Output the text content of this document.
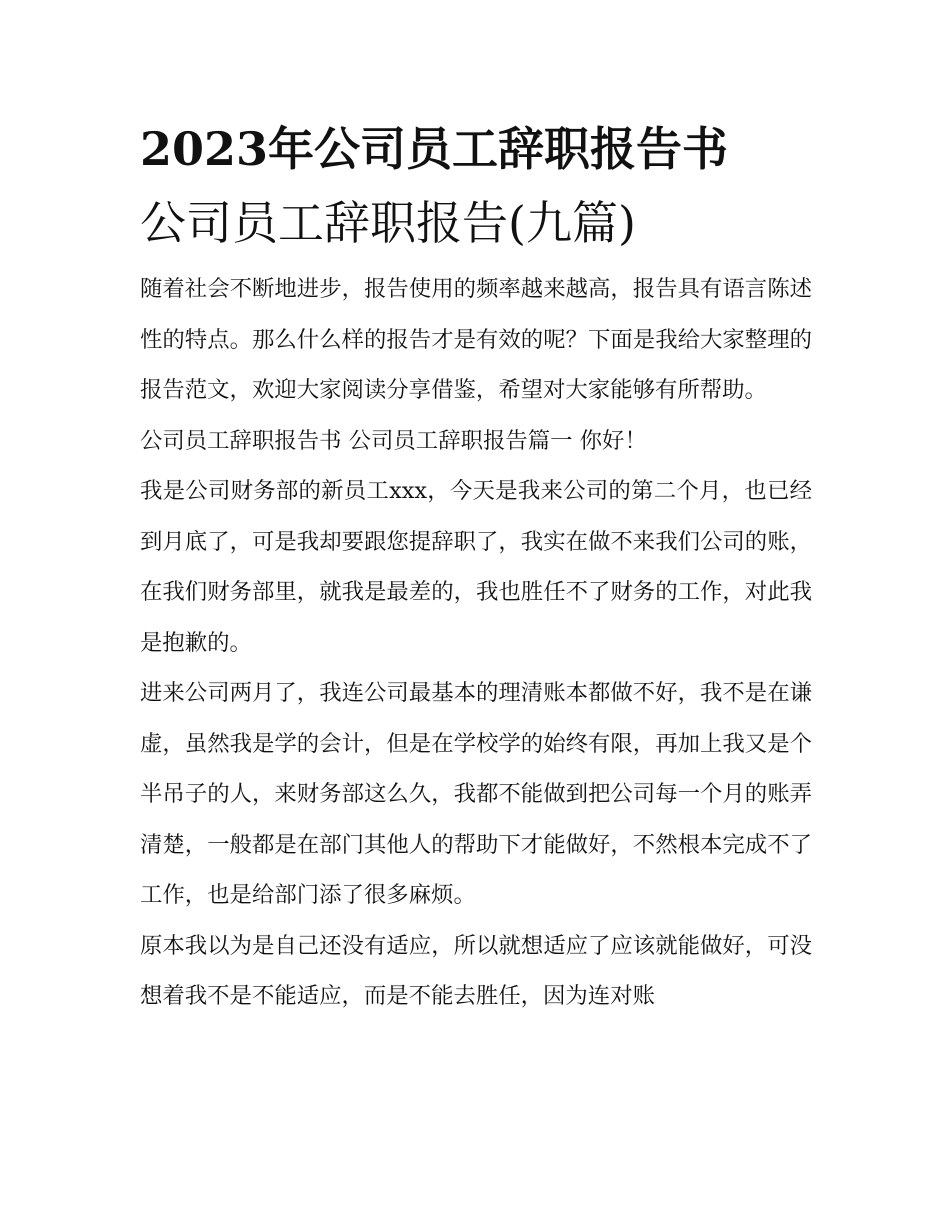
2023年公司员工辞职报告书
公司员工辞职报告(九篇)

随着社会不断地进步，报告使用的频率越来越高，报告具有语言陈述性的特点。那么什么样的报告才是有效的呢？下面是我给大家整理的报告范文，欢迎大家阅读分享借鉴，希望对大家能够有所帮助。

公司员工辞职报告书 公司员工辞职报告篇一 你好！

我是公司财务部的新员工xxx，今天是我来公司的第二个月，也已经到月底了，可是我却要跟您提辞职了，我实在做不来我们公司的账，在我们财务部里，就我是最差的，我也胜任不了财务的工作，对此我是抱歉的。

进来公司两月了，我连公司最基本的理清账本都做不好，我不是在谦虚，虽然我是学的会计，但是在学校学的始终有限，再加上我又是个半吊子的人，来财务部这么久，我都不能做到把公司每一个月的账弄清楚，一般都是在部门其他人的帮助下才能做好，不然根本完成不了工作，也是给部门添了很多麻烦。

原本我以为是自己还没有适应，所以就想适应了应该就能做好，可没想着我不是不能适应，而是不能去胜任，因为连对账
